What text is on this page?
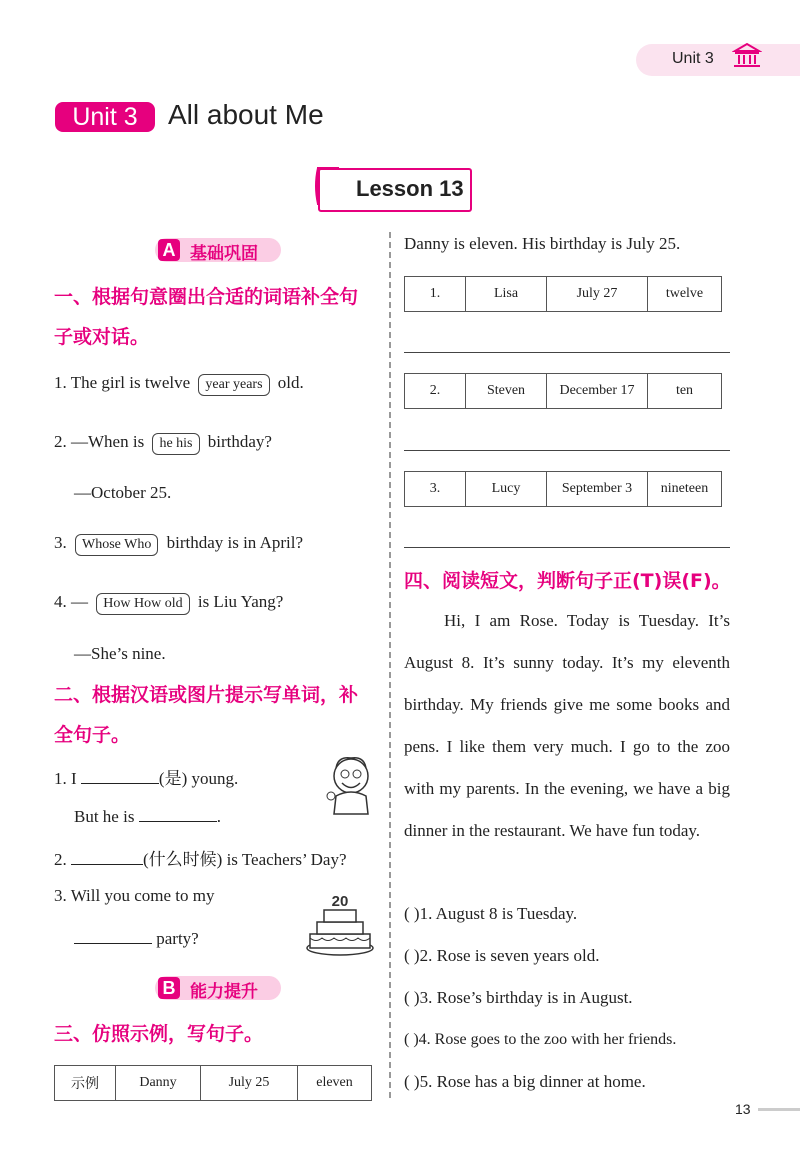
Unit 3
Unit 3	All about Me
Lesson 13
A 基础巩固
一、根据句意圈出合适的词语补全句
子或对话。
1. The girl is twelve year years old.
2. —When is he his birthday?
—October 25.
3. Whose Who birthday is in April?
4. — How How old is Liu Yang?
—She’s nine.
二、根据汉语或图片提示写单词，补
全句子。
1. I	(是) young.
But he is	.
2.	(什么时候) is Teachers’ Day?
3. Will you come to my
party?
20
B 能力提升
三、仿照示例，写句子。
示例	Danny	July 25	eleven
Danny is eleven. His birthday is July 25.
1.	Lisa	July 27	twelve
2.	Steven	December 17	ten
3.	Lucy	September 3	nineteen
四、阅读短文，判断句子正(T)误(F)。
Hi, I am Rose. Today is Tuesday. It’s August 8. It’s sunny today. It’s my eleventh birthday. My friends give me some books and pens. I like them very much. I go to the zoo with my parents. In the evening, we have a big dinner in the restaurant. We have fun today.
( )1. August 8 is Tuesday.
( )2. Rose is seven years old.
( )3. Rose’s birthday is in August.
( )4. Rose goes to the zoo with her friends.
( )5. Rose has a big dinner at home.
13
